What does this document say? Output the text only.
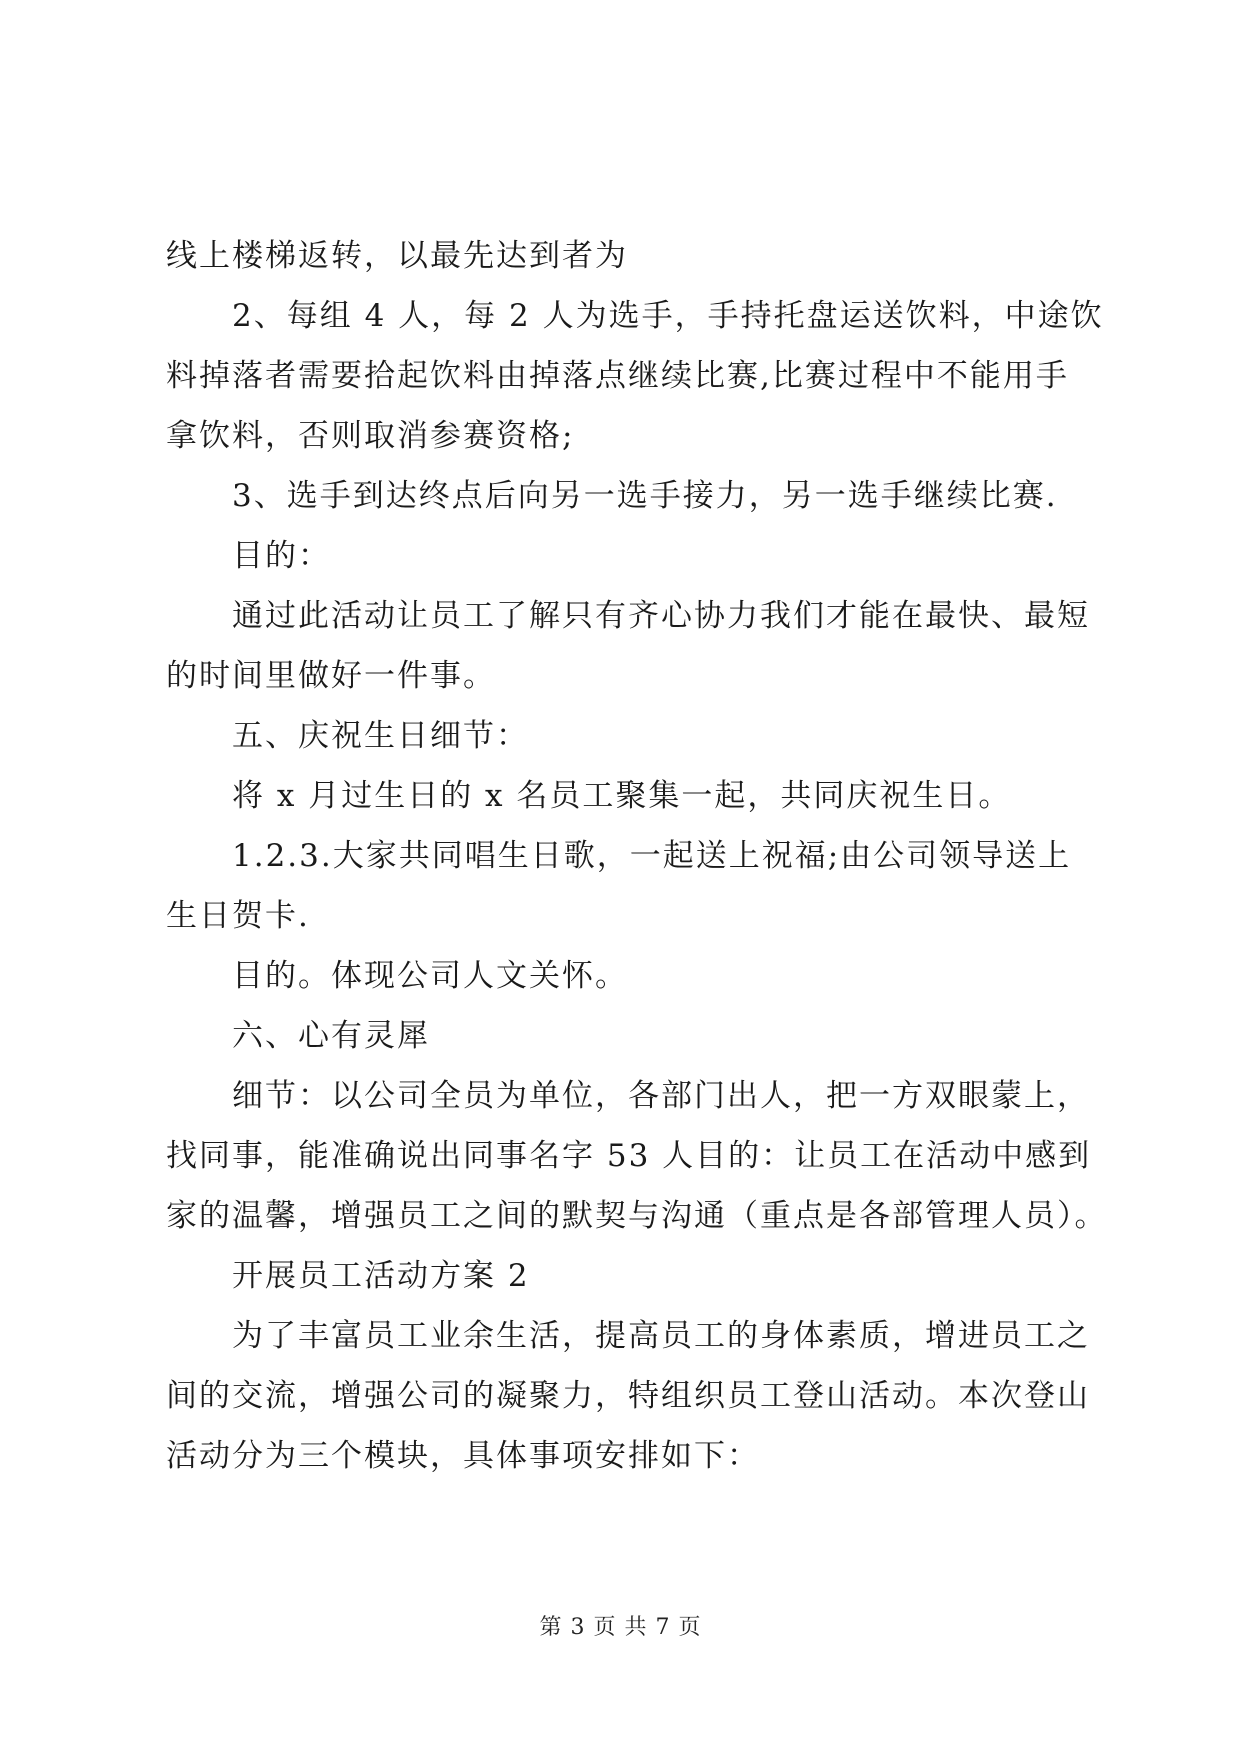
线上楼梯返转，以最先达到者为
2、每组 4 人，每 2 人为选手，手持托盘运送饮料，中途饮
料掉落者需要拾起饮料由掉落点继续比赛,比赛过程中不能用手
拿饮料，否则取消参赛资格;
3、选手到达终点后向另一选手接力，另一选手继续比赛.
目的：
通过此活动让员工了解只有齐心协力我们才能在最快、最短
的时间里做好一件事。
五、庆祝生日细节：
将 x 月过生日的 x 名员工聚集一起，共同庆祝生日。
1.2.3.大家共同唱生日歌，一起送上祝福;由公司领导送上
生日贺卡.
目的。体现公司人文关怀。
六、心有灵犀
细节：以公司全员为单位，各部门出人，把一方双眼蒙上，
找同事，能准确说出同事名字 53 人目的：让员工在活动中感到
家的温馨，增强员工之间的默契与沟通（重点是各部管理人员）。
开展员工活动方案 2
为了丰富员工业余生活，提高员工的身体素质，增进员工之
间的交流，增强公司的凝聚力，特组织员工登山活动。本次登山
活动分为三个模块，具体事项安排如下：
第 3 页 共 7 页
